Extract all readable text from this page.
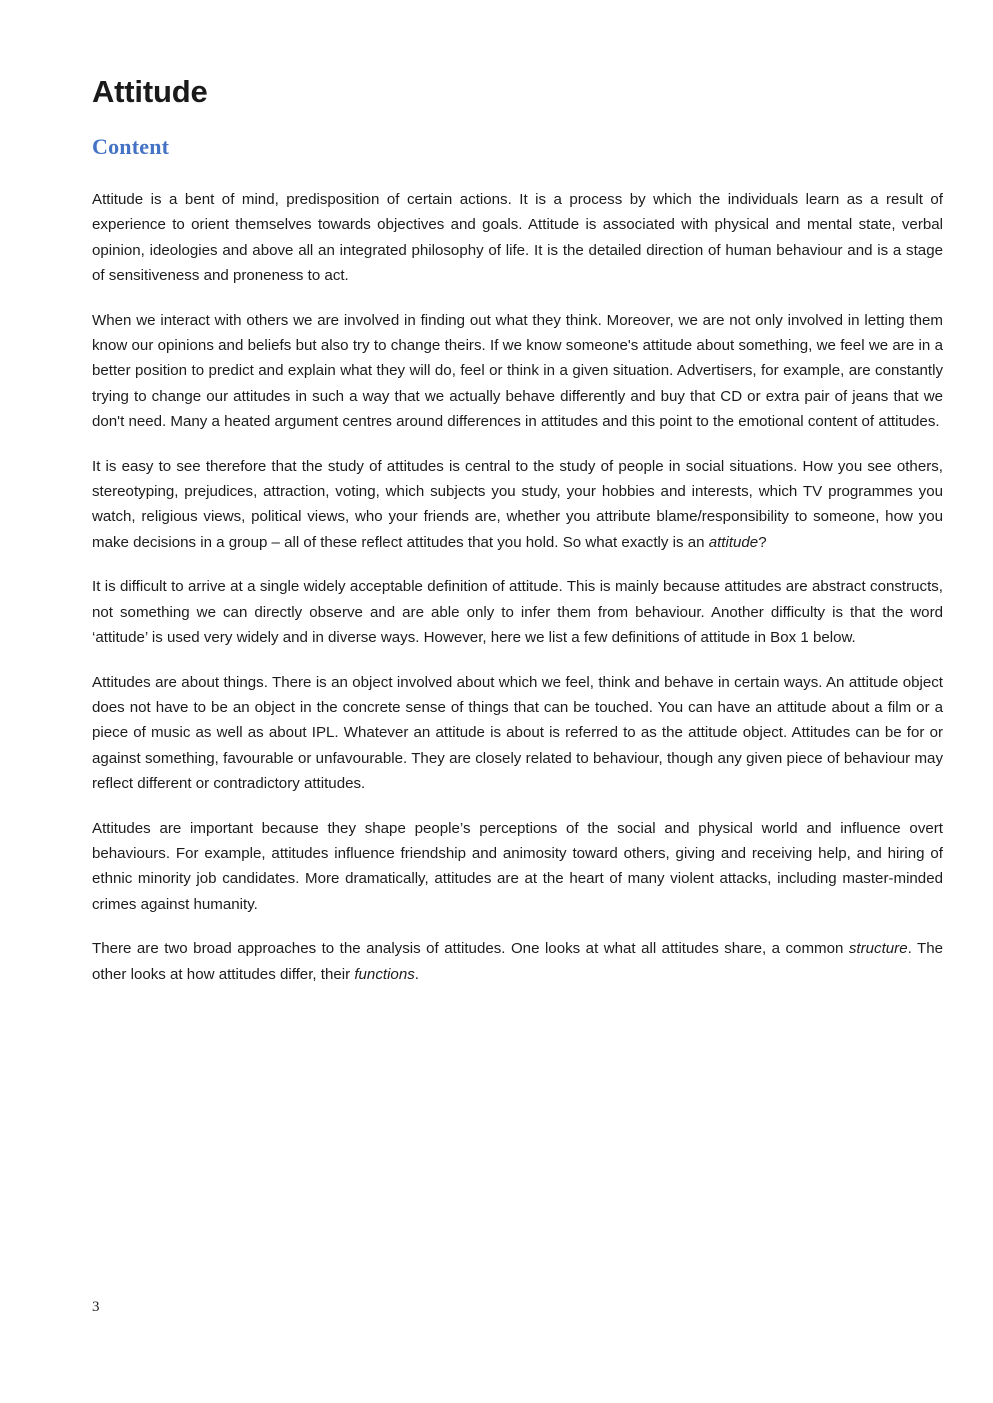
Attitude
Content

Attitude is a bent of mind, predisposition of certain actions. It is a process by which the individuals learn as a result of experience to orient themselves towards objectives and goals. Attitude is associated with physical and mental state, verbal opinion, ideologies and above all an integrated philosophy of life. It is the detailed direction of human behaviour and is a stage of sensitiveness and proneness to act.

When we interact with others we are involved in finding out what they think. Moreover, we are not only involved in letting them know our opinions and beliefs but also try to change theirs. If we know someone's attitude about something, we feel we are in a better position to predict and explain what they will do, feel or think in a given situation. Advertisers, for example, are constantly trying to change our attitudes in such a way that we actually behave differently and buy that CD or extra pair of jeans that we don't need. Many a heated argument centres around differences in attitudes and this point to the emotional content of attitudes.

It is easy to see therefore that the study of attitudes is central to the study of people in social situations. How you see others, stereotyping, prejudices, attraction, voting, which subjects you study, your hobbies and interests, which TV programmes you watch, religious views, political views, who your friends are, whether you attribute blame/responsibility to someone, how you make decisions in a group – all of these reflect attitudes that you hold. So what exactly is an attitude?

It is difficult to arrive at a single widely acceptable definition of attitude. This is mainly because attitudes are abstract constructs, not something we can directly observe and are able only to infer them from behaviour. Another difficulty is that the word ‘attitude’ is used very widely and in diverse ways. However, here we list a few definitions of attitude in Box 1 below.

Attitudes are about things. There is an object involved about which we feel, think and behave in certain ways. An attitude object does not have to be an object in the concrete sense of things that can be touched. You can have an attitude about a film or a piece of music as well as about IPL. Whatever an attitude is about is referred to as the attitude object. Attitudes can be for or against something, favourable or unfavourable. They are closely related to behaviour, though any given piece of behaviour may reflect different or contradictory attitudes.

Attitudes are important because they shape people’s perceptions of the social and physical world and influence overt behaviours. For example, attitudes influence friendship and animosity toward others, giving and receiving help, and hiring of ethnic minority job candidates. More dramatically, attitudes are at the heart of many violent attacks, including master-minded crimes against humanity.

There are two broad approaches to the analysis of attitudes. One looks at what all attitudes share, a common structure. The other looks at how attitudes differ, their functions.

3
